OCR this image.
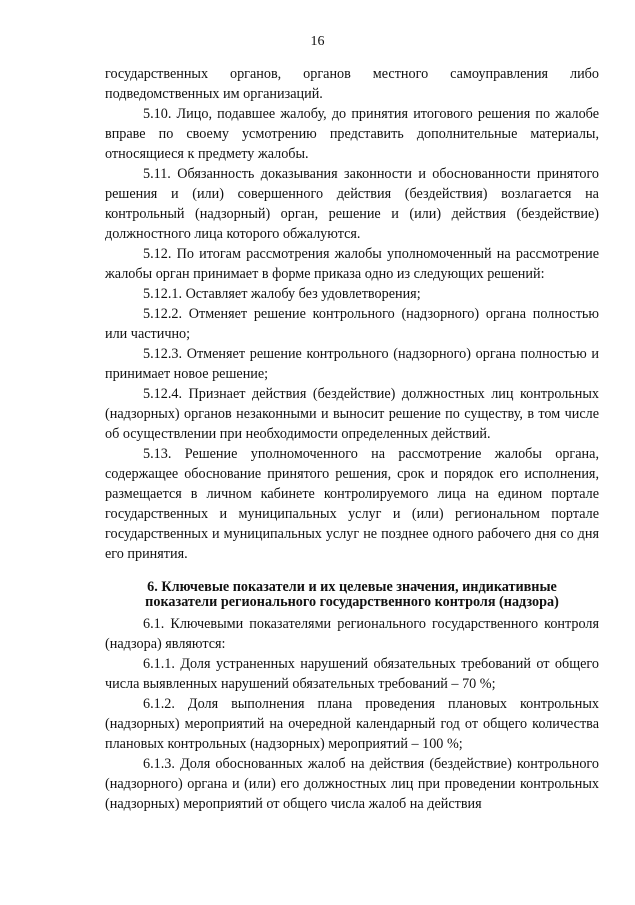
16

государственных органов, органов местного самоуправления либо подведомственных им организаций.

5.10. Лицо, подавшее жалобу, до принятия итогового решения по жалобе вправе по своему усмотрению представить дополнительные материалы, относящиеся к предмету жалобы.

5.11. Обязанность доказывания законности и обоснованности принятого решения и (или) совершенного действия (бездействия) возлагается на контрольный (надзорный) орган, решение и (или) действия (бездействие) должностного лица которого обжалуются.

5.12. По итогам рассмотрения жалобы уполномоченный на рассмотрение жалобы орган принимает в форме приказа одно из следующих решений:

5.12.1. Оставляет жалобу без удовлетворения;

5.12.2. Отменяет решение контрольного (надзорного) органа полностью или частично;

5.12.3. Отменяет решение контрольного (надзорного) органа полностью и принимает новое решение;

5.12.4. Признает действия (бездействие) должностных лиц контрольных (надзорных) органов незаконными и выносит решение по существу, в том числе об осуществлении при необходимости определенных действий.

5.13. Решение уполномоченного на рассмотрение жалобы органа, содержащее обоснование принятого решения, срок и порядок его исполнения, размещается в личном кабинете контролируемого лица на едином портале государственных и муниципальных услуг и (или) региональном портале государственных и муниципальных услуг не позднее одного рабочего дня со дня его принятия.

6. Ключевые показатели и их целевые значения, индикативные
показатели регионального государственного контроля (надзора)

6.1. Ключевыми показателями регионального государственного контроля (надзора) являются:

6.1.1. Доля устраненных нарушений обязательных требований от общего числа выявленных нарушений обязательных требований – 70 %;

6.1.2. Доля выполнения плана проведения плановых контрольных (надзорных) мероприятий на очередной календарный год от общего количества плановых контрольных (надзорных) мероприятий – 100 %;

6.1.3. Доля обоснованных жалоб на действия (бездействие) контрольного (надзорного) органа и (или) его должностных лиц при проведении контрольных (надзорных) мероприятий от общего числа жалоб на действия
